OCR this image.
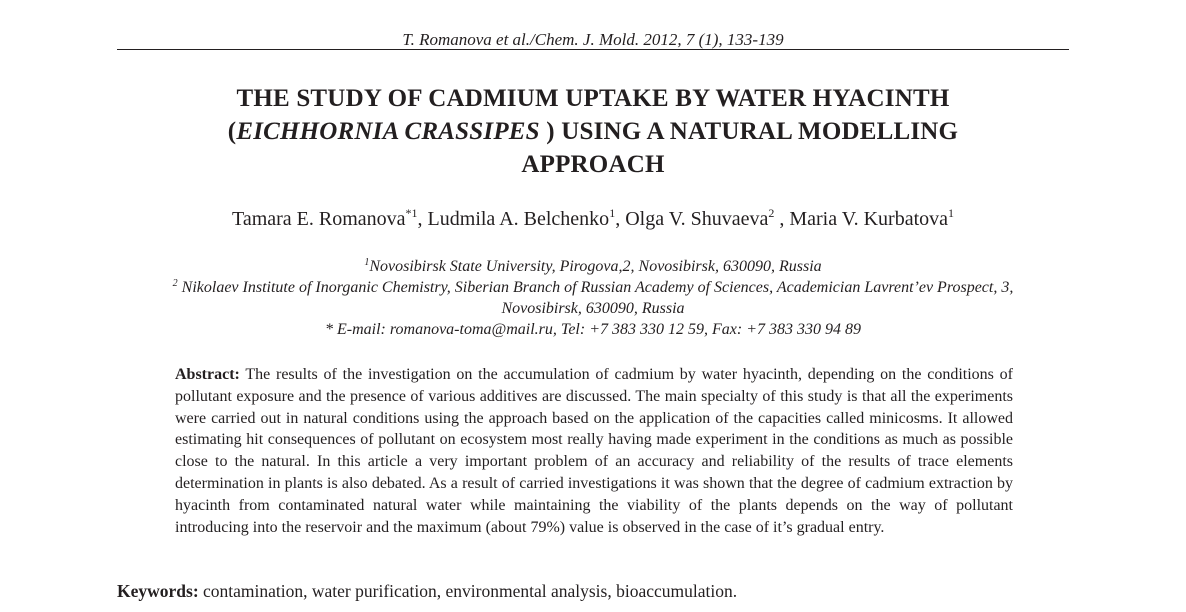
T. Romanova et al./Chem. J. Mold. 2012, 7 (1), 133-139
THE STUDY OF CADMIUM UPTAKE BY WATER HYACINTH
(EICHHORNIA CRASSIPES ) USING A NATURAL MODELLING
APPROACH
Tamara E. Romanova$^{*1}$, Ludmila A. Belchenko$^1$, Olga V. Shuvaeva$^2$ , Maria V. Kurbatova$^1$
$^1$Novosibirsk State University, Pirogova,2, Novosibirsk, 630090, Russia
$^2$ Nikolaev Institute of Inorganic Chemistry, Siberian Branch of Russian Academy of Sciences, Academician Lavrent’ev Prospect, 3,
Novosibirsk, 630090, Russia
* E-mail: romanova-toma@mail.ru, Tel: +7 383 330 12 59, Fax: +7 383 330 94 89
Abstract: The results of the investigation on the accumulation of cadmium by water hyacinth, depending on the conditions of pollutant exposure and the presence of various additives are discussed. The main specialty of this study is that all the experiments were carried out in natural conditions using the approach based on the application of the capacities called minicosms. It allowed estimating hit consequences of pollutant on ecosystem most really having made experiment in the conditions as much as possible close to the natural. In this article a very important problem of an accuracy and reliability of the results of trace elements determination in plants is also debated. As a result of carried investigations it was shown that the degree of cadmium extraction by hyacinth from contaminated natural water while maintaining the viability of the plants depends on the way of pollutant introducing into the reservoir and the maximum (about 79%) value is observed in the case of it’s gradual entry.
Keywords: contamination, water purification, environmental analysis, bioaccumulation.
